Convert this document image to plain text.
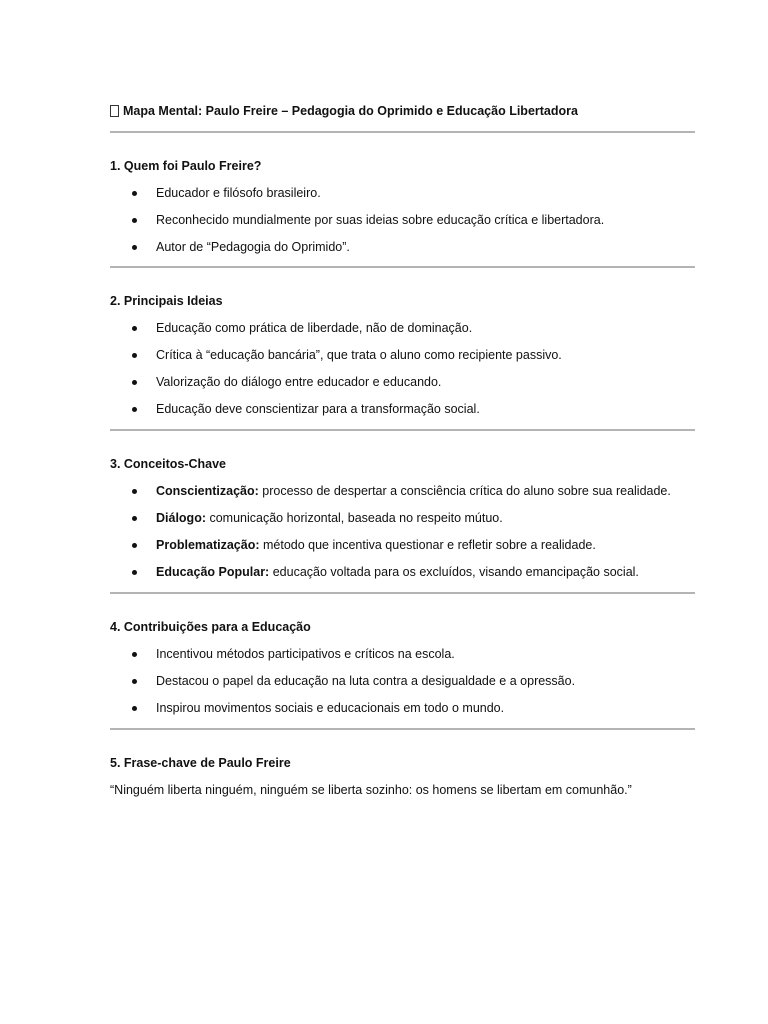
Mapa Mental: Paulo Freire – Pedagogia do Oprimido e Educação Libertadora
1. Quem foi Paulo Freire?
Educador e filósofo brasileiro.
Reconhecido mundialmente por suas ideias sobre educação crítica e libertadora.
Autor de “Pedagogia do Oprimido”.
2. Principais Ideias
Educação como prática de liberdade, não de dominação.
Crítica à “educação bancária”, que trata o aluno como recipiente passivo.
Valorização do diálogo entre educador e educando.
Educação deve conscientizar para a transformação social.
3. Conceitos-Chave
Conscientização: processo de despertar a consciência crítica do aluno sobre sua realidade.
Diálogo: comunicação horizontal, baseada no respeito mútuo.
Problematização: método que incentiva questionar e refletir sobre a realidade.
Educação Popular: educação voltada para os excluídos, visando emancipação social.
4. Contribuições para a Educação
Incentivou métodos participativos e críticos na escola.
Destacou o papel da educação na luta contra a desigualdade e a opressão.
Inspirou movimentos sociais e educacionais em todo o mundo.
5. Frase-chave de Paulo Freire
“Ninguém liberta ninguém, ninguém se liberta sozinho: os homens se libertam em comunhão.”
